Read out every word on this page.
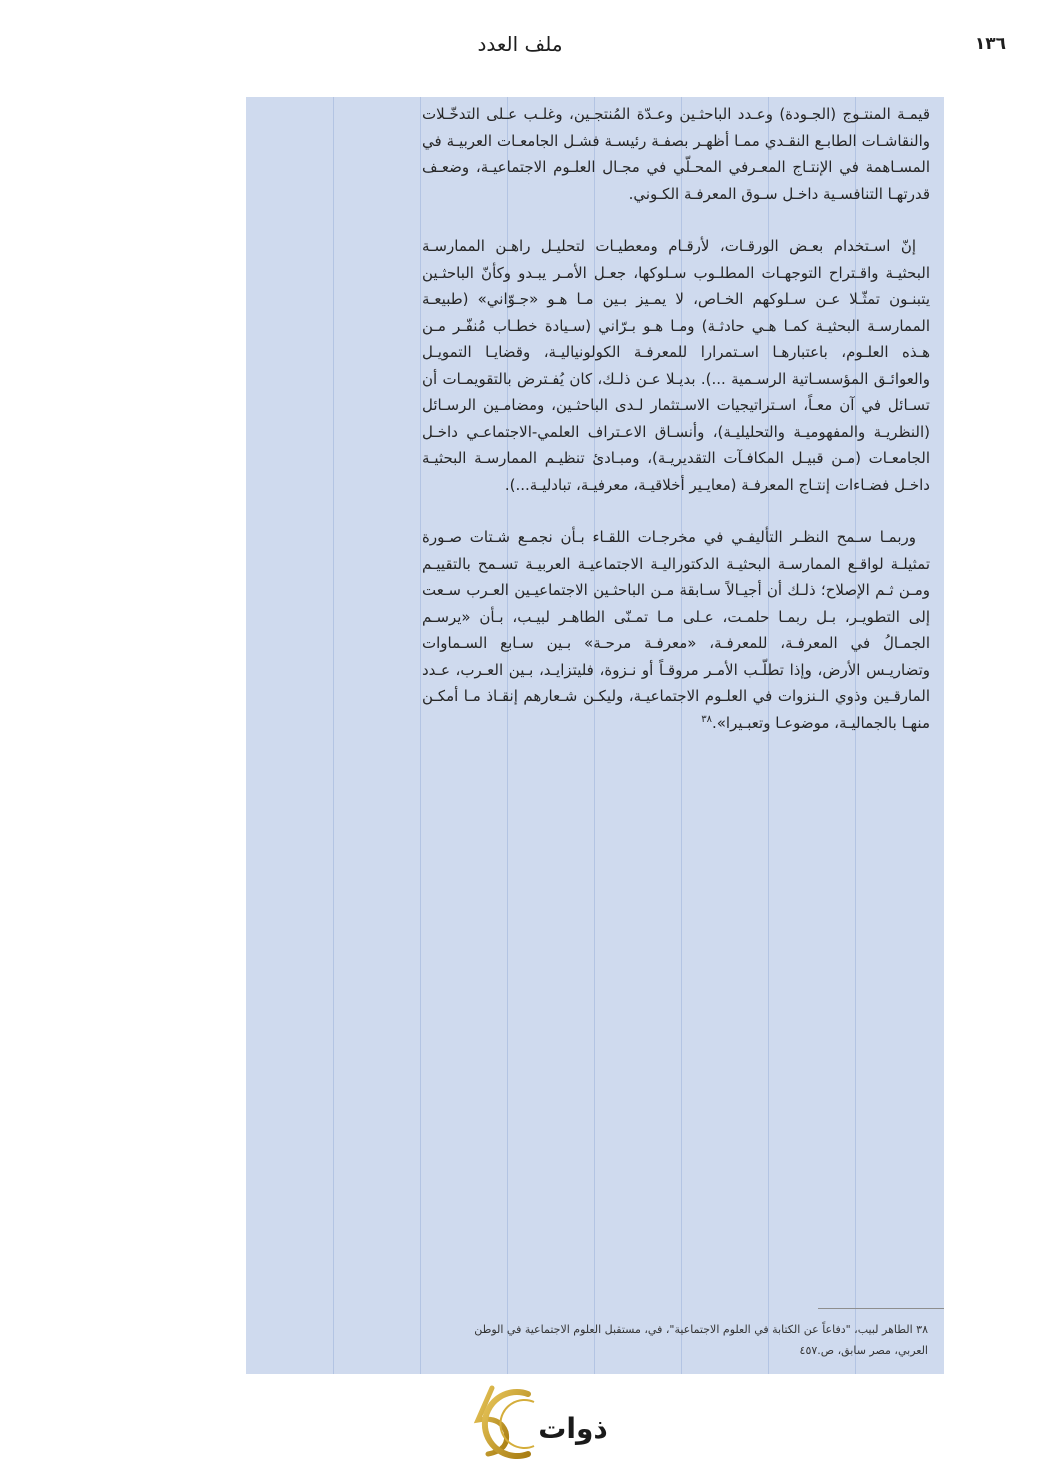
١٣٦
ملف العدد

قيمـة المنتـوج (الجـودة) وعـدد الباحثـين وعـدّة المُنتجـين، وغلـب عـلى التدخّـلات والنقاشـات الطابـع النقـدي ممـا أظهـر بصفـة رئيسـة فشـل الجامعـات العربيـة في المسـاهمة في الإنتـاج المعـرفي المحـلّي في مجـال العلـوم الاجتماعيـة، وضعـف قدرتهـا التنافسـية داخـل سـوق المعرفـة الكـوني.

إنّ اسـتخدام بعـض الورقـات، لأرقـام ومعطيـات لتحليـل راهـن الممارسـة البحثيـة واقـتراح التوجهـات المطلـوب سـلوكها، جعـل الأمـر يبـدو وكأنّ الباحثـين يتبنـون تمثّـلا عـن سـلوكهم الخـاص، لا يمـيز بـين مـا هـو «جـوّاني» (طبيعـة الممارسـة البحثيـة كمـا هـي حادثـة) ومـا هـو بـرّاني (سـيادة خطـاب مُنفّـر مـن هـذه العلـوم، باعتبارهـا اسـتمرارا للمعرفـة الكولونياليـة، وقضايـا التمويـل والعوائـق المؤسسـاتية الرسـمية ...). بديـلا عـن ذلـك، كان يُفـترض بالتقويمـات أن تسـائل في آن معـاً، اسـتراتيجيات الاسـتثمار لـدى الباحثـين، ومضامـين الرسـائل (النظريـة والمفهوميـة والتحليليـة)، وأنسـاق الاعـتراف العلمي-الاجتماعـي داخـل الجامعـات (مـن قبيـل المكافـآت التقديريـة)، ومبـادئ تنظيـم الممارسـة البحثيـة داخـل فضـاءات إنتـاج المعرفـة (معايـير أخلاقيـة، معرفيـة، تبادليـة...).

وربمـا سـمح النظـر التأليفـي في مخرجـات اللقـاء بـأن نجمـع شـتات صـورة تمثيلـة لواقـع الممارسـة البحثيـة الدكتوراليـة الاجتماعيـة العربيـة تسـمح بالتقييـم ومـن ثـم الإصلاح؛ ذلـك أن أجيـالاً سـابقة مـن الباحثـين الاجتماعيـين العـرب سـعت إلى التطويـر، بـل ربمـا حلمـت، عـلى مـا تمـنّى الطاهـر لبيـب، بـأن «يرسـم الجمـالُ في المعرفـة، للمعرفـة، «معرفـة مرحـة» بـين سـابع السـماوات وتضاريـس الأرض، وإذا تطلّـب الأمـر مروقـاً أو نـزوة، فليتزايـد، بـين العـرب، عـدد المارقـين وذوي الـنزوات في العلـوم الاجتماعيـة، وليكـن شـعارهم إنقـاذ مـا أمكـن منهـا بالجماليـة، موضوعـا وتعبـيرا».$^{٣٨}$

٣٨ الطاهر لبيب، "دفاعاً عن الكتابة في العلوم الاجتماعية"، في، مستقبل العلوم الاجتماعية في الوطن
العربي، مصر سابق، ص.٤٥٧
ذوات
